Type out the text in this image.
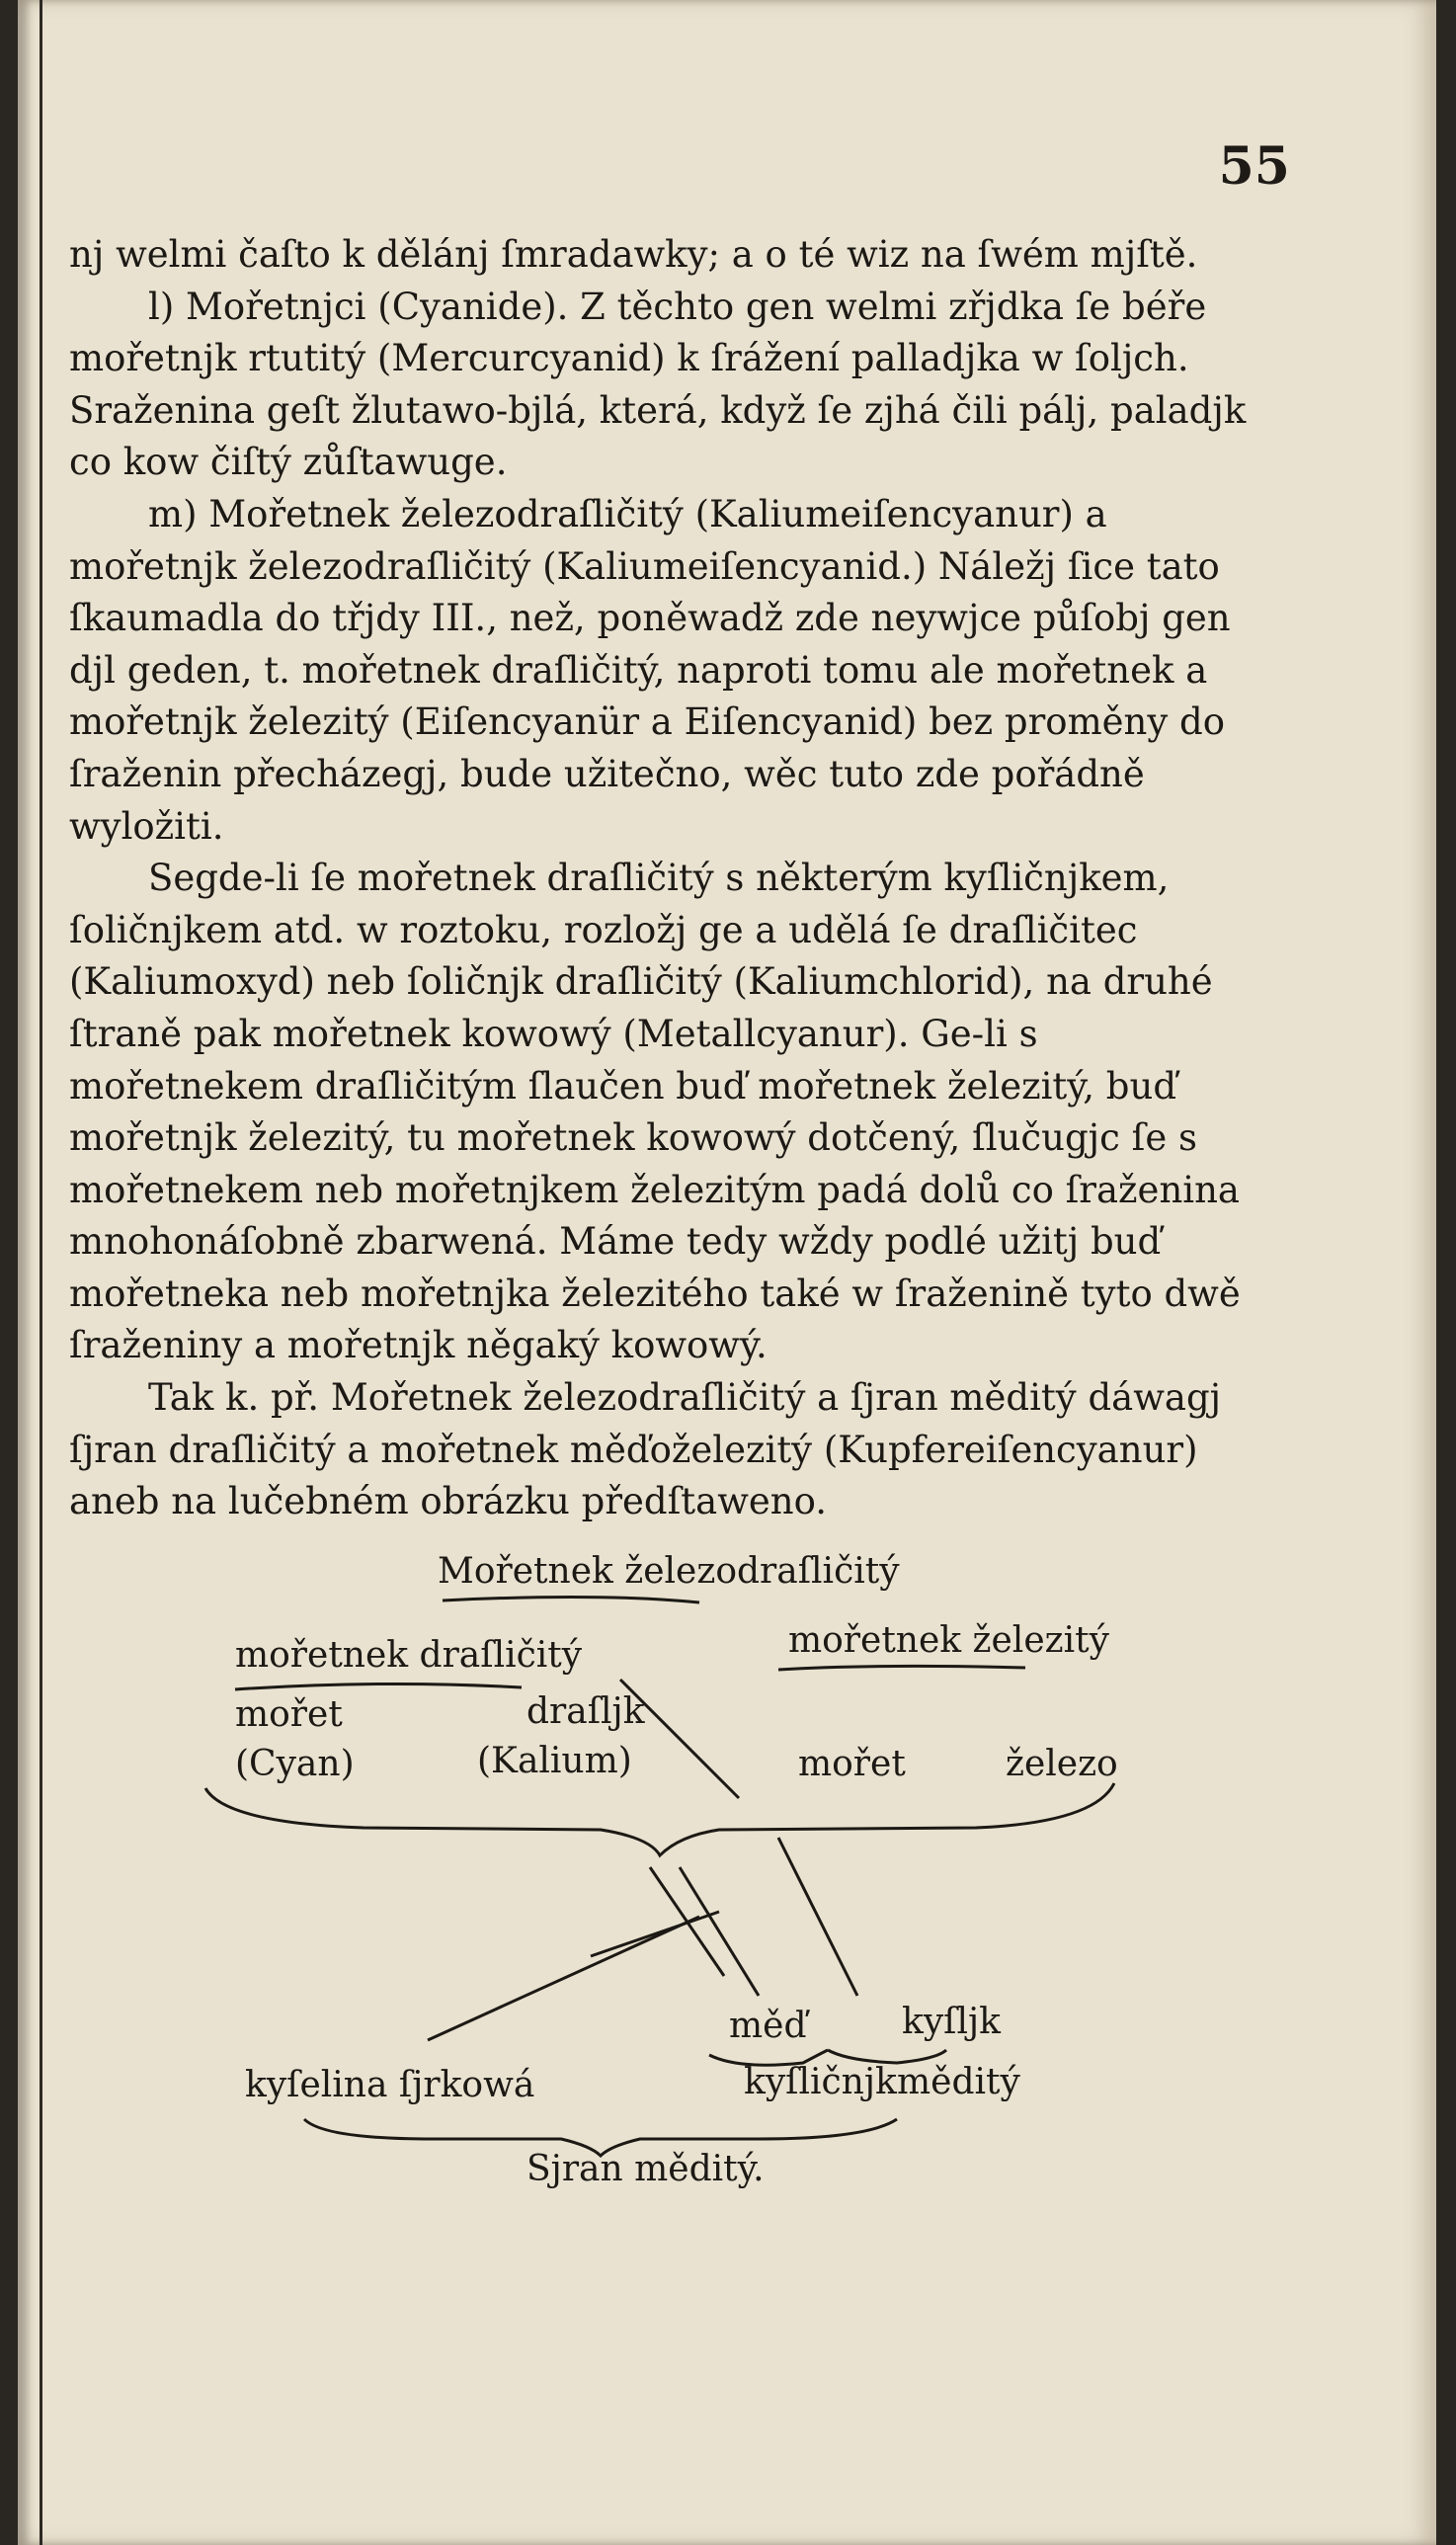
55

nj welmi čaſto k dělánj ſmradawky; a o té wiz na ſwém mjſtě.

l) Mořetnjci (Cyanide). Z těchto gen welmi zřjdka ſe béře mořetnjk rtutitý (Mercurcyanid) k ſrážení palladjka w ſoljch. Sraženina geſt žlutawo-bjlá, která, když ſe zjhá čili pálj, paladjk co kow čiſtý zůſtawuge.

m) Mořetnek železodraſličitý (Kaliumeiſencyanur) a mořetnjk železodraſličitý (Kaliumeiſencyanid.) Náležj ſice tato ſkaumadla do třjdy III., než, poněwadž zde neywjce půſobj gen djl geden, t. mořetnek draſličitý, naproti tomu ale mořetnek a mořetnjk železitý (Eiſencyanür a Eiſencyanid) bez proměny do ſraženin přecházegj, bude užitečno, wěc tuto zde pořádně wyložiti.

Segde-li ſe mořetnek draſličitý s některým kyſličnjkem, ſoličnjkem atd. w roztoku, rozložj ge a udělá ſe draſličitec (Kaliumoxyd) neb ſoličnjk draſličitý (Kaliumchlorid), na druhé ſtraně pak mořetnek kowowý (Metallcyanur). Ge-li s mořetnekem draſličitým ſlaučen buď mořetnek železitý, buď mořetnjk železitý, tu mořetnek kowowý dotčený, ſlučugjc ſe s mořetnekem neb mořetnjkem železitým padá dolů co ſraženina mnohonáſobně zbarwená. Máme tedy wždy podlé užitj buď mořetneka neb mořetnjka železitého také w ſraženině tyto dwě ſraženiny a mořetnjk něgaký kowowý.

Tak k. př. Mořetnek železodraſličitý a ſjran měditý dáwagj ſjran draſličitý a mořetnek měďoželezitý (Kupfereiſencyanur) aneb na lučebném obrázku předſtaweno.

Mořetnek železodraſličitý
mořetnek draſličitý	mořetnek železitý
mořet
(Cyan)
draſljk
(Kalium)	mořet	železo
měď	kyſljk
kyſelina ſjrkowá	kyſličnjk měditý
Sjran měditý.
